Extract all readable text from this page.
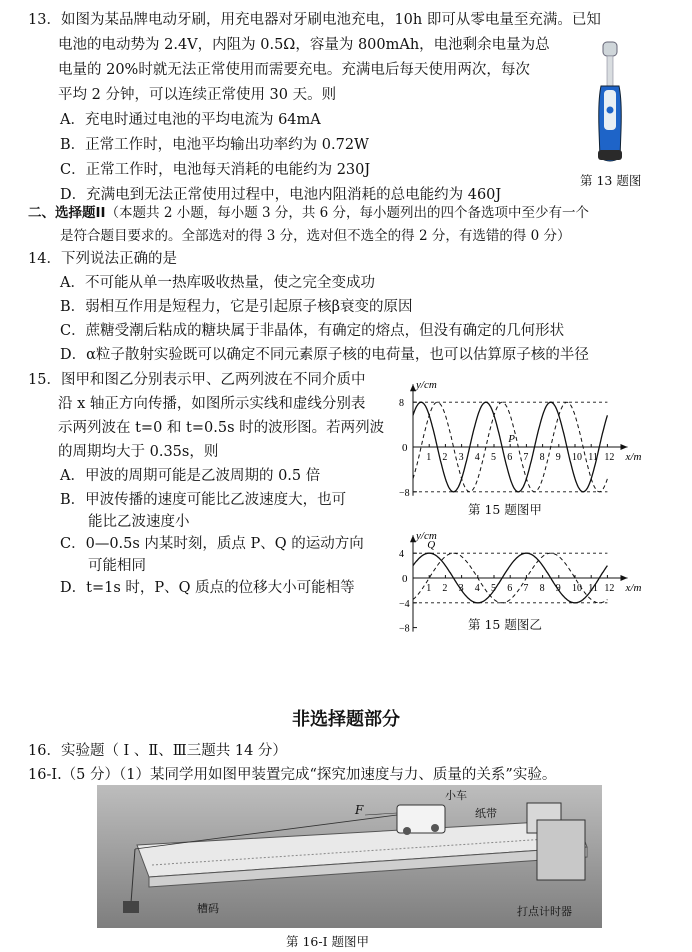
13．如图为某品牌电动牙刷，用充电器对牙刷电池充电，10h 即可从零电量至充满。已知
电池的电动势为 2.4V，内阻为 0.5Ω，容量为 800mAh，电池剩余电量为总
电量的 20%时就无法正常使用而需要充电。充满电后每天使用两次，每次
平均 2 分钟，可以连续正常使用 30 天。则
A．充电时通过电池的平均电流为 64mA
B．正常工作时，电池平均输出功率约为 0.72W
C．正常工作时，电池每天消耗的电能约为 230J
D．充满电到无法正常使用过程中，电池内阻消耗的总电能约为 460J
第 13 题图
二、选择题II（本题共 2 小题，每小题 3 分，共 6 分，每小题列出的四个备选项中至少有一个
是符合题目要求的。全部选对的得 3 分，选对但不选全的得 2 分，有选错的得 0 分）
14．下列说法正确的是
A．不可能从单一热库吸收热量，使之完全变成功
B．弱相互作用是短程力，它是引起原子核β衰变的原因
C．蔗糖受潮后粘成的糖块属于非晶体，有确定的熔点，但没有确定的几何形状
D．α粒子散射实验既可以确定不同元素原子核的电荷量，也可以估算原子核的半径
15．图甲和图乙分别表示甲、乙两列波在不同介质中
沿 x 轴正方向传播，如图所示实线和虚线分别表
示两列波在 t=0 和 t=0.5s 时的波形图。若两列波
的周期均大于 0.35s，则
A．甲波的周期可能是乙波周期的 0.5 倍
B．甲波传播的速度可能比乙波速度大，也可
能比乙波速度小
C．0—0.5s 内某时刻，质点 P、Q 的运动方向
可能相同
D．t=1s 时，P、Q 质点的位移大小可能相等
y/cm
x/m
0
1 2 3 4 5 6 7 8 9 10 11 12
8
−8
P
第 15 题图甲
y/cm
x/m
0
1 2 3 4 5 6 7 8 9 10 11 12
4
−4
−8
Q
第 15 题图乙
非选择题部分
16．实验题（ Ⅰ 、Ⅱ、Ⅲ三题共 14 分）
16-Ⅰ.（5 分）（1）某同学用如图甲装置完成“探究加速度与力、质量的关系”实验。
F
小车
纸带
槽码	打点计时器
第 16-Ⅰ 题图甲
